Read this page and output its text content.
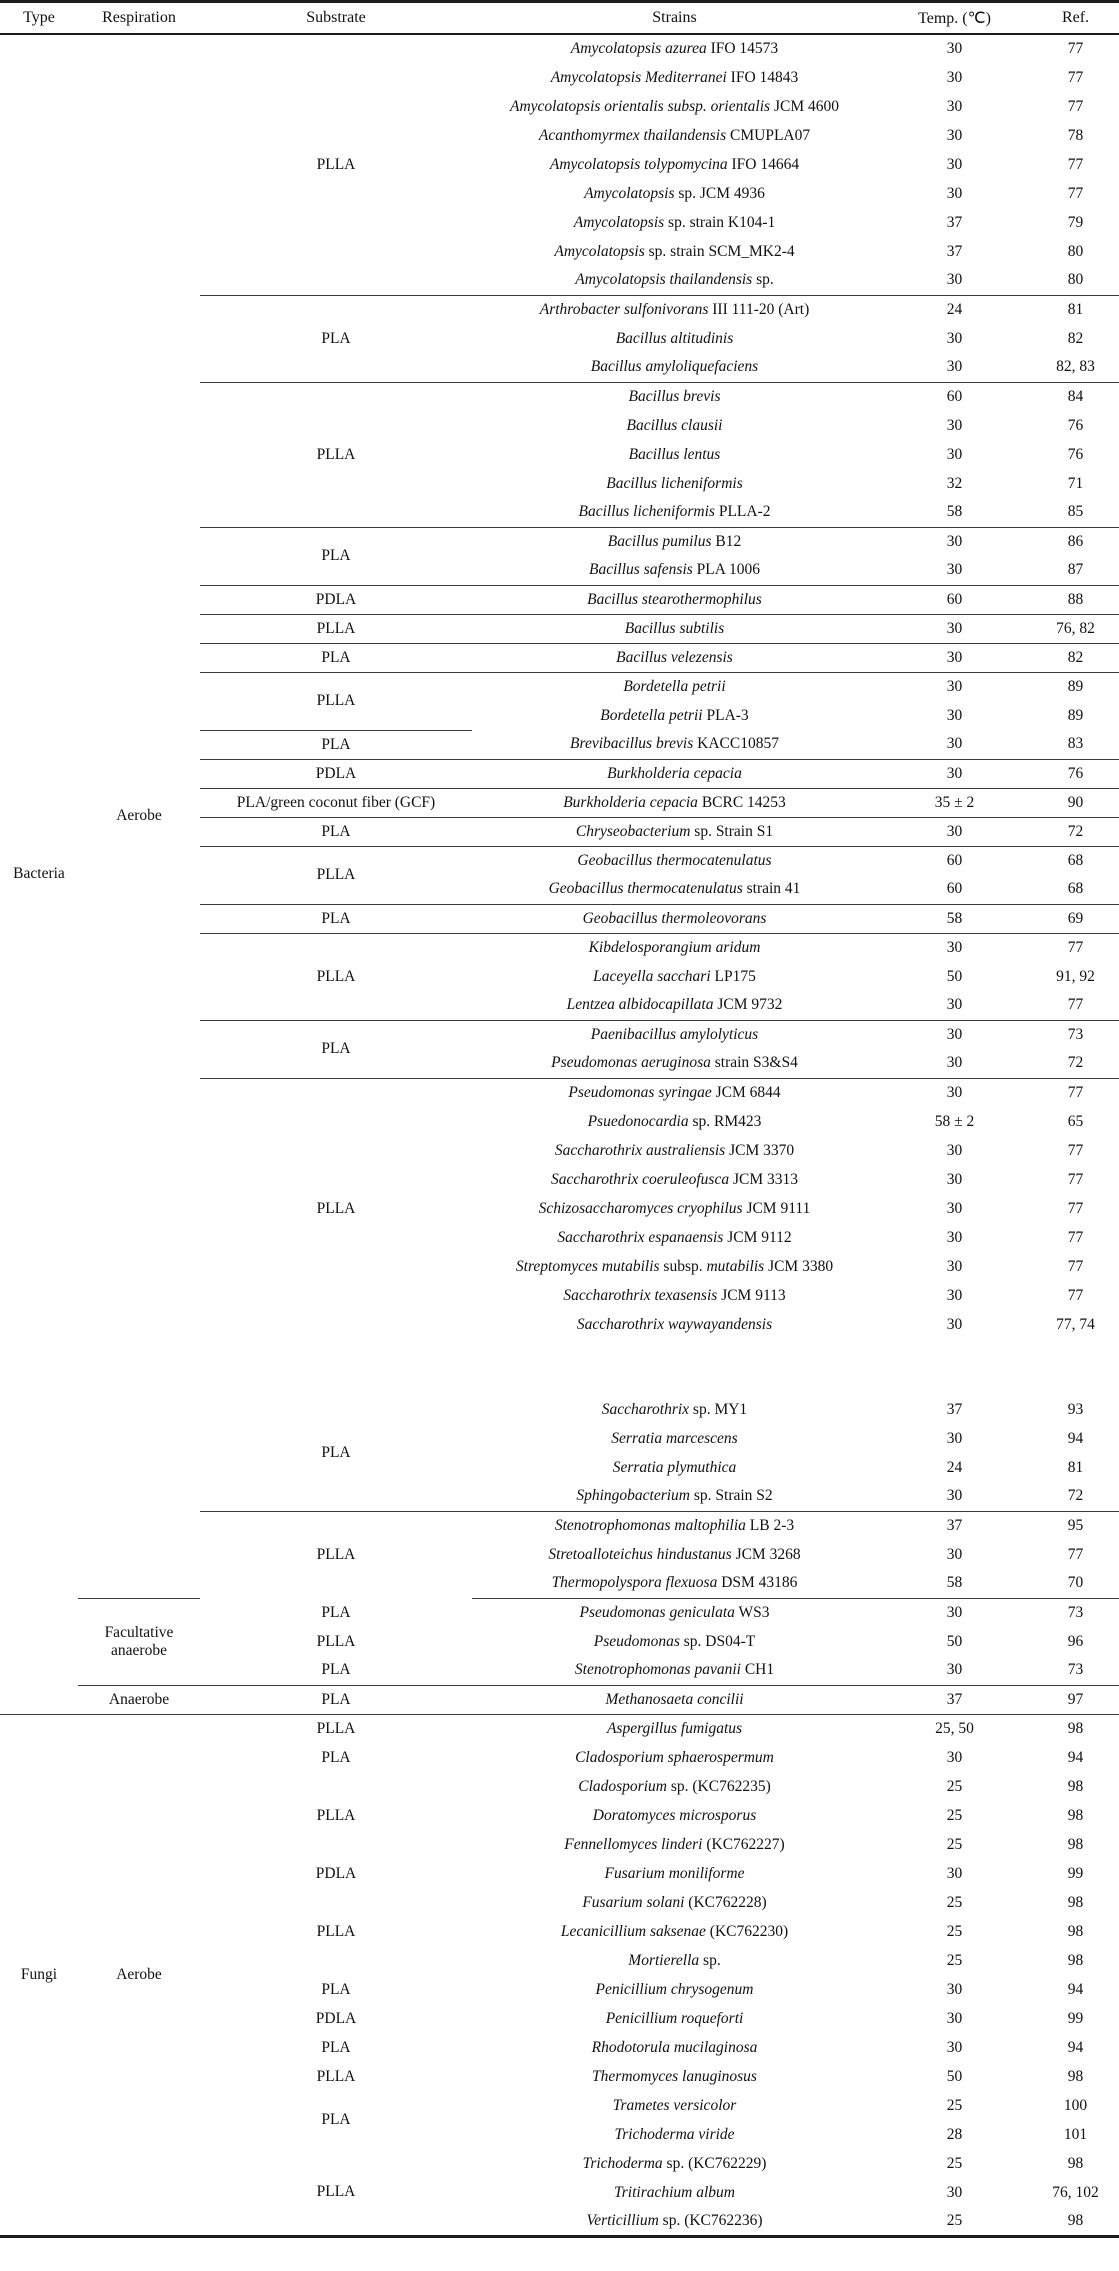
Type	Respiration	Substrate	Strains	Temp. (℃)	Ref.
Bacteria	Aerobe	PLLA	Amycolatopsis azurea IFO 14573	30	77
			Amycolatopsis Mediterranei IFO 14843	30	77
			Amycolatopsis orientalis subsp. orientalis JCM 4600	30	77
			Acanthomyrmex thailandensis CMUPLA07	30	78
			Amycolatopsis tolypomycina IFO 14664	30	77
			Amycolatopsis sp. JCM 4936	30	77
			Amycolatopsis sp. strain K104-1	37	79
			Amycolatopsis sp. strain SCM_MK2-4	37	80
			Amycolatopsis thailandensis sp.	30	80
		PLA	Arthrobacter sulfonivorans III 111-20 (Art)	24	81
			Bacillus altitudinis	30	82
			Bacillus amyloliquefaciens	30	82, 83
		PLLA	Bacillus brevis	60	84
			Bacillus clausii	30	76
			Bacillus lentus	30	76
			Bacillus licheniformis	32	71
			Bacillus licheniformis PLLA-2	58	85
		PLA	Bacillus pumilus B12	30	86
			Bacillus safensis PLA 1006	30	87
		PDLA	Bacillus stearothermophilus	60	88
		PLLA	Bacillus subtilis	30	76, 82
		PLA	Bacillus velezensis	30	82
		PLLA	Bordetella petrii	30	89
			Bordetella petrii PLA-3	30	89
		PLA	Brevibacillus brevis KACC10857	30	83
		PDLA	Burkholderia cepacia	30	76
		PLA/green coconut fiber (GCF)	Burkholderia cepacia BCRC 14253	35 ± 2	90
		PLA	Chryseobacterium sp. Strain S1	30	72
		PLLA	Geobacillus thermocatenulatus	60	68
			Geobacillus thermocatenulatus strain 41	60	68
		PLA	Geobacillus thermoleovorans	58	69
		PLLA	Kibdelosporangium aridum	30	77
			Laceyella sacchari LP175	50	91, 92
			Lentzea albidocapillata JCM 9732	30	77
		PLA	Paenibacillus amylolyticus	30	73
			Pseudomonas aeruginosa strain S3&S4	30	72
		PLLA	Pseudomonas syringae JCM 6844	30	77
			Psuedonocardia sp. RM423	58 ± 2	65
			Saccharothrix australiensis JCM 3370	30	77
			Saccharothrix coeruleofusca JCM 3313	30	77
			Schizosaccharomyces cryophilus JCM 9111	30	77
			Saccharothrix espanaensis JCM 9112	30	77
			Streptomyces mutabilis subsp. mutabilis JCM 3380	30	77
			Saccharothrix texasensis JCM 9113	30	77
			Saccharothrix waywayandensis	30	77, 74

		PLA	Saccharothrix sp. MY1	37	93
			Serratia marcescens	30	94
			Serratia plymuthica	24	81
			Sphingobacterium sp. Strain S2	30	72
		PLLA	Stenotrophomonas maltophilia LB 2-3	37	95
			Stretoalloteichus hindustanus JCM 3268	30	77
			Thermopolyspora flexuosa DSM 43186	58	70
	Facultative anaerobe	PLA	Pseudomonas geniculata WS3	30	73
		PLLA	Pseudomonas sp. DS04-T	50	96
		PLA	Stenotrophomonas pavanii CH1	30	73
	Anaerobe	PLA	Methanosaeta concilii	37	97
Fungi	Aerobe	PLLA	Aspergillus fumigatus	25, 50	98
		PLA	Cladosporium sphaerospermum	30	94
		PLLA	Cladosporium sp. (KC762235)	25	98
			Doratomyces microsporus	25	98
			Fennellomyces linderi (KC762227)	25	98
		PDLA	Fusarium moniliforme	30	99
		PLLA	Fusarium solani (KC762228)	25	98
			Lecanicillium saksenae (KC762230)	25	98
			Mortierella sp.	25	98
		PLA	Penicillium chrysogenum	30	94
		PDLA	Penicillium roqueforti	30	99
		PLA	Rhodotorula mucilaginosa	30	94
		PLLA	Thermomyces lanuginosus	50	98
		PLA	Trametes versicolor	25	100
			Trichoderma viride	28	101
		PLLA	Trichoderma sp. (KC762229)	25	98
			Tritirachium album	30	76, 102
			Verticillium sp. (KC762236)	25	98
